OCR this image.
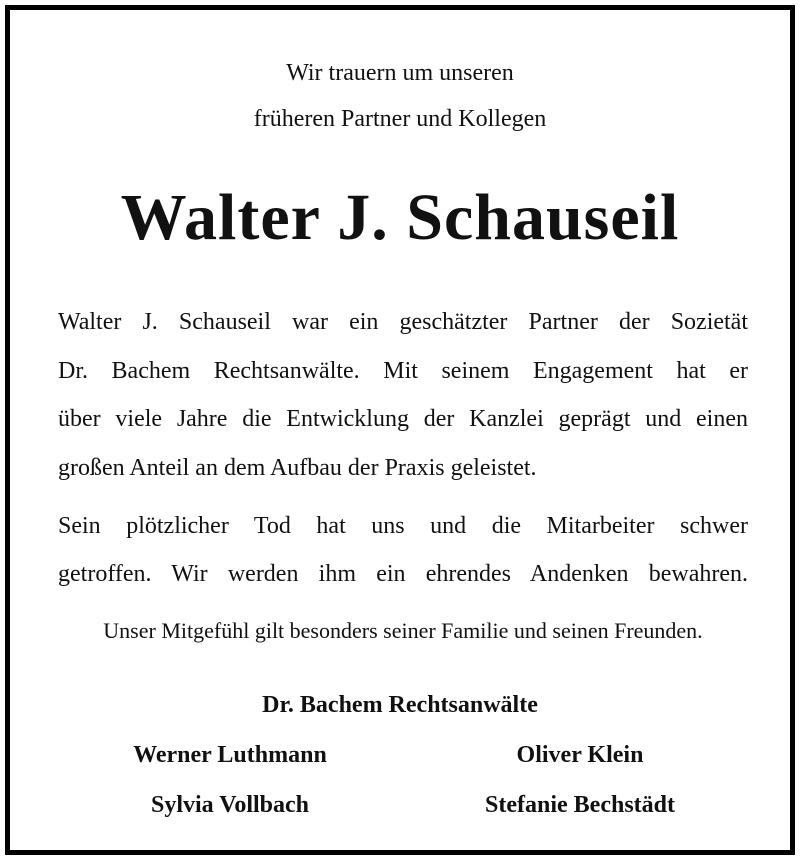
Wir trauern um unseren
früheren Partner und Kollegen
Walter J. Schauseil
Walter J. Schauseil war ein geschätzter Partner der Sozietät
Dr. Bachem Rechtsanwälte. Mit seinem Engagement hat er
über viele Jahre die Entwicklung der Kanzlei geprägt und einen
großen Anteil an dem Aufbau der Praxis geleistet.
Sein plötzlicher Tod hat uns und die Mitarbeiter schwer
getroffen. Wir werden ihm ein ehrendes Andenken bewahren.
Unser Mitgefühl gilt besonders seiner Familie und seinen Freunden.
Dr. Bachem Rechtsanwälte
Werner Luthmann	Oliver Klein
Sylvia Vollbach	Stefanie Bechstädt
